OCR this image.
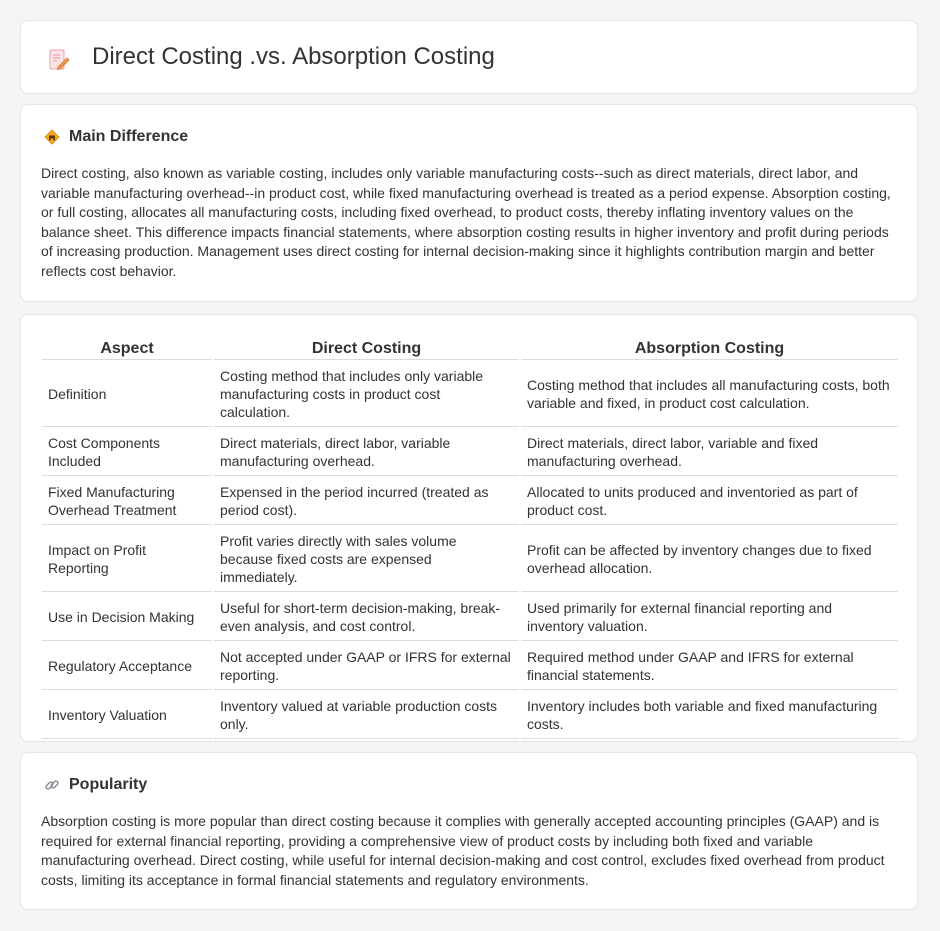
Direct Costing .vs. Absorption Costing
Main Difference

Direct costing, also known as variable costing, includes only variable manufacturing costs--such as direct materials, direct labor, and variable manufacturing overhead--in product cost, while fixed manufacturing overhead is treated as a period expense. Absorption costing, or full costing, allocates all manufacturing costs, including fixed overhead, to product costs, thereby inflating inventory values on the balance sheet. This difference impacts financial statements, where absorption costing results in higher inventory and profit during periods of increasing production. Management uses direct costing for internal decision-making since it highlights contribution margin and better reflects cost behavior.

Aspect	Direct Costing	Absorption Costing
Definition	Costing method that includes only variable manufacturing costs in product cost calculation.	Costing method that includes all manufacturing costs, both variable and fixed, in product cost calculation.
Cost Components Included	Direct materials, direct labor, variable manufacturing overhead.	Direct materials, direct labor, variable and fixed manufacturing overhead.
Fixed Manufacturing Overhead Treatment	Expensed in the period incurred (treated as period cost).	Allocated to units produced and inventoried as part of product cost.
Impact on Profit Reporting	Profit varies directly with sales volume because fixed costs are expensed immediately.	Profit can be affected by inventory changes due to fixed overhead allocation.
Use in Decision Making	Useful for short-term decision-making, break-even analysis, and cost control.	Used primarily for external financial reporting and inventory valuation.
Regulatory Acceptance	Not accepted under GAAP or IFRS for external reporting.	Required method under GAAP and IFRS for external financial statements.
Inventory Valuation	Inventory valued at variable production costs only.	Inventory includes both variable and fixed manufacturing costs.
Popularity

Absorption costing is more popular than direct costing because it complies with generally accepted accounting principles (GAAP) and is required for external financial reporting, providing a comprehensive view of product costs by including both fixed and variable manufacturing overhead. Direct costing, while useful for internal decision-making and cost control, excludes fixed overhead from product costs, limiting its acceptance in formal financial statements and regulatory environments.
